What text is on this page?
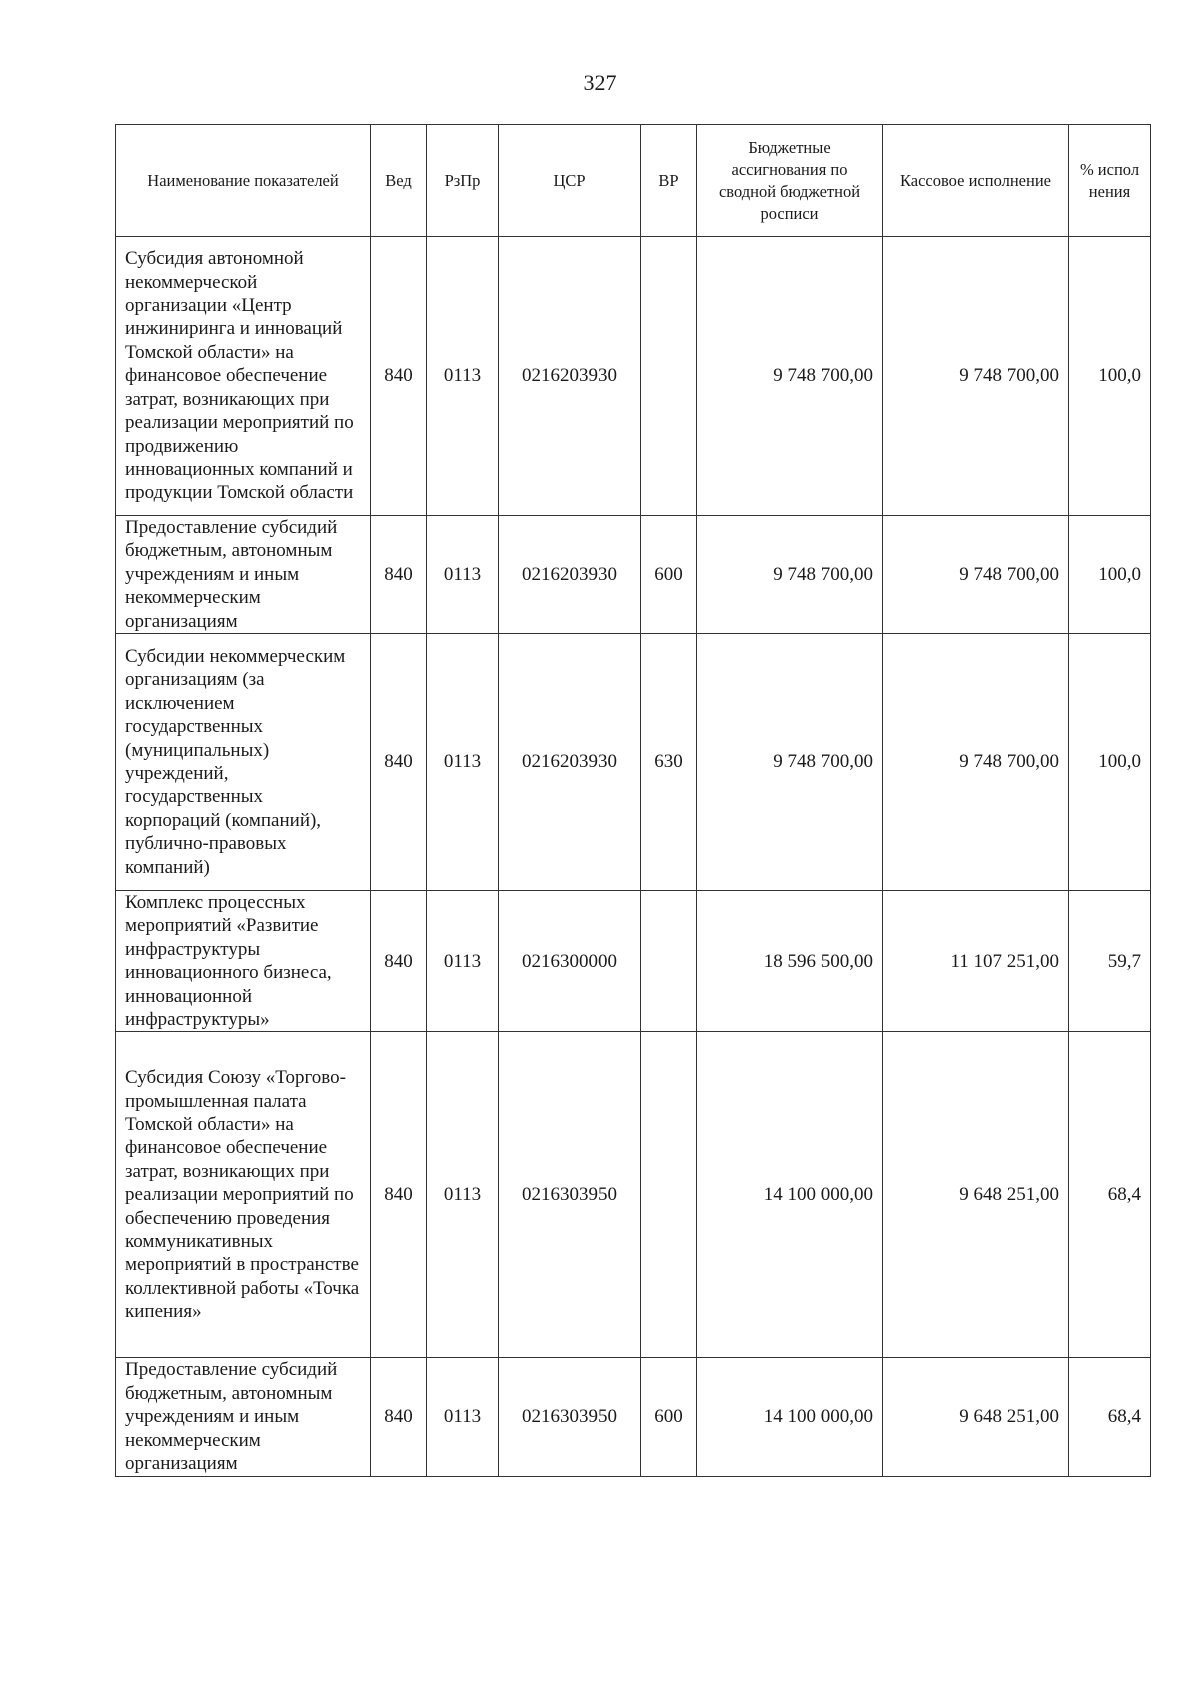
327
Наименование показателей	Вед	РзПр	ЦСР	ВР	Бюджетные ассигнования по сводной бюджетной росписи	Кассовое исполнение	% испол нения
Субсидия автономной некоммерческой организации «Центр инжиниринга и инноваций Томской области» на финансовое обеспечение затрат, возникающих при реализации мероприятий по продвижению инновационных компаний и продукции Томской области	840	0113	0216203930		9 748 700,00	9 748 700,00	100,0
Предоставление субсидий бюджетным, автономным учреждениям и иным некоммерческим организациям	840	0113	0216203930	600	9 748 700,00	9 748 700,00	100,0
Субсидии некоммерческим организациям (за исключением государственных (муниципальных) учреждений, государственных корпораций (компаний), публично-правовых компаний)	840	0113	0216203930	630	9 748 700,00	9 748 700,00	100,0
Комплекс процессных мероприятий «Развитие инфраструктуры инновационного бизнеса, инновационной инфраструктуры»	840	0113	0216300000		18 596 500,00	11 107 251,00	59,7
Субсидия Союзу «Торгово-промышленная палата Томской области» на финансовое обеспечение затрат, возникающих при реализации мероприятий по обеспечению проведения коммуникативных мероприятий в пространстве коллективной работы «Точка кипения»	840	0113	0216303950		14 100 000,00	9 648 251,00	68,4
Предоставление субсидий бюджетным, автономным учреждениям и иным некоммерческим организациям	840	0113	0216303950	600	14 100 000,00	9 648 251,00	68,4
